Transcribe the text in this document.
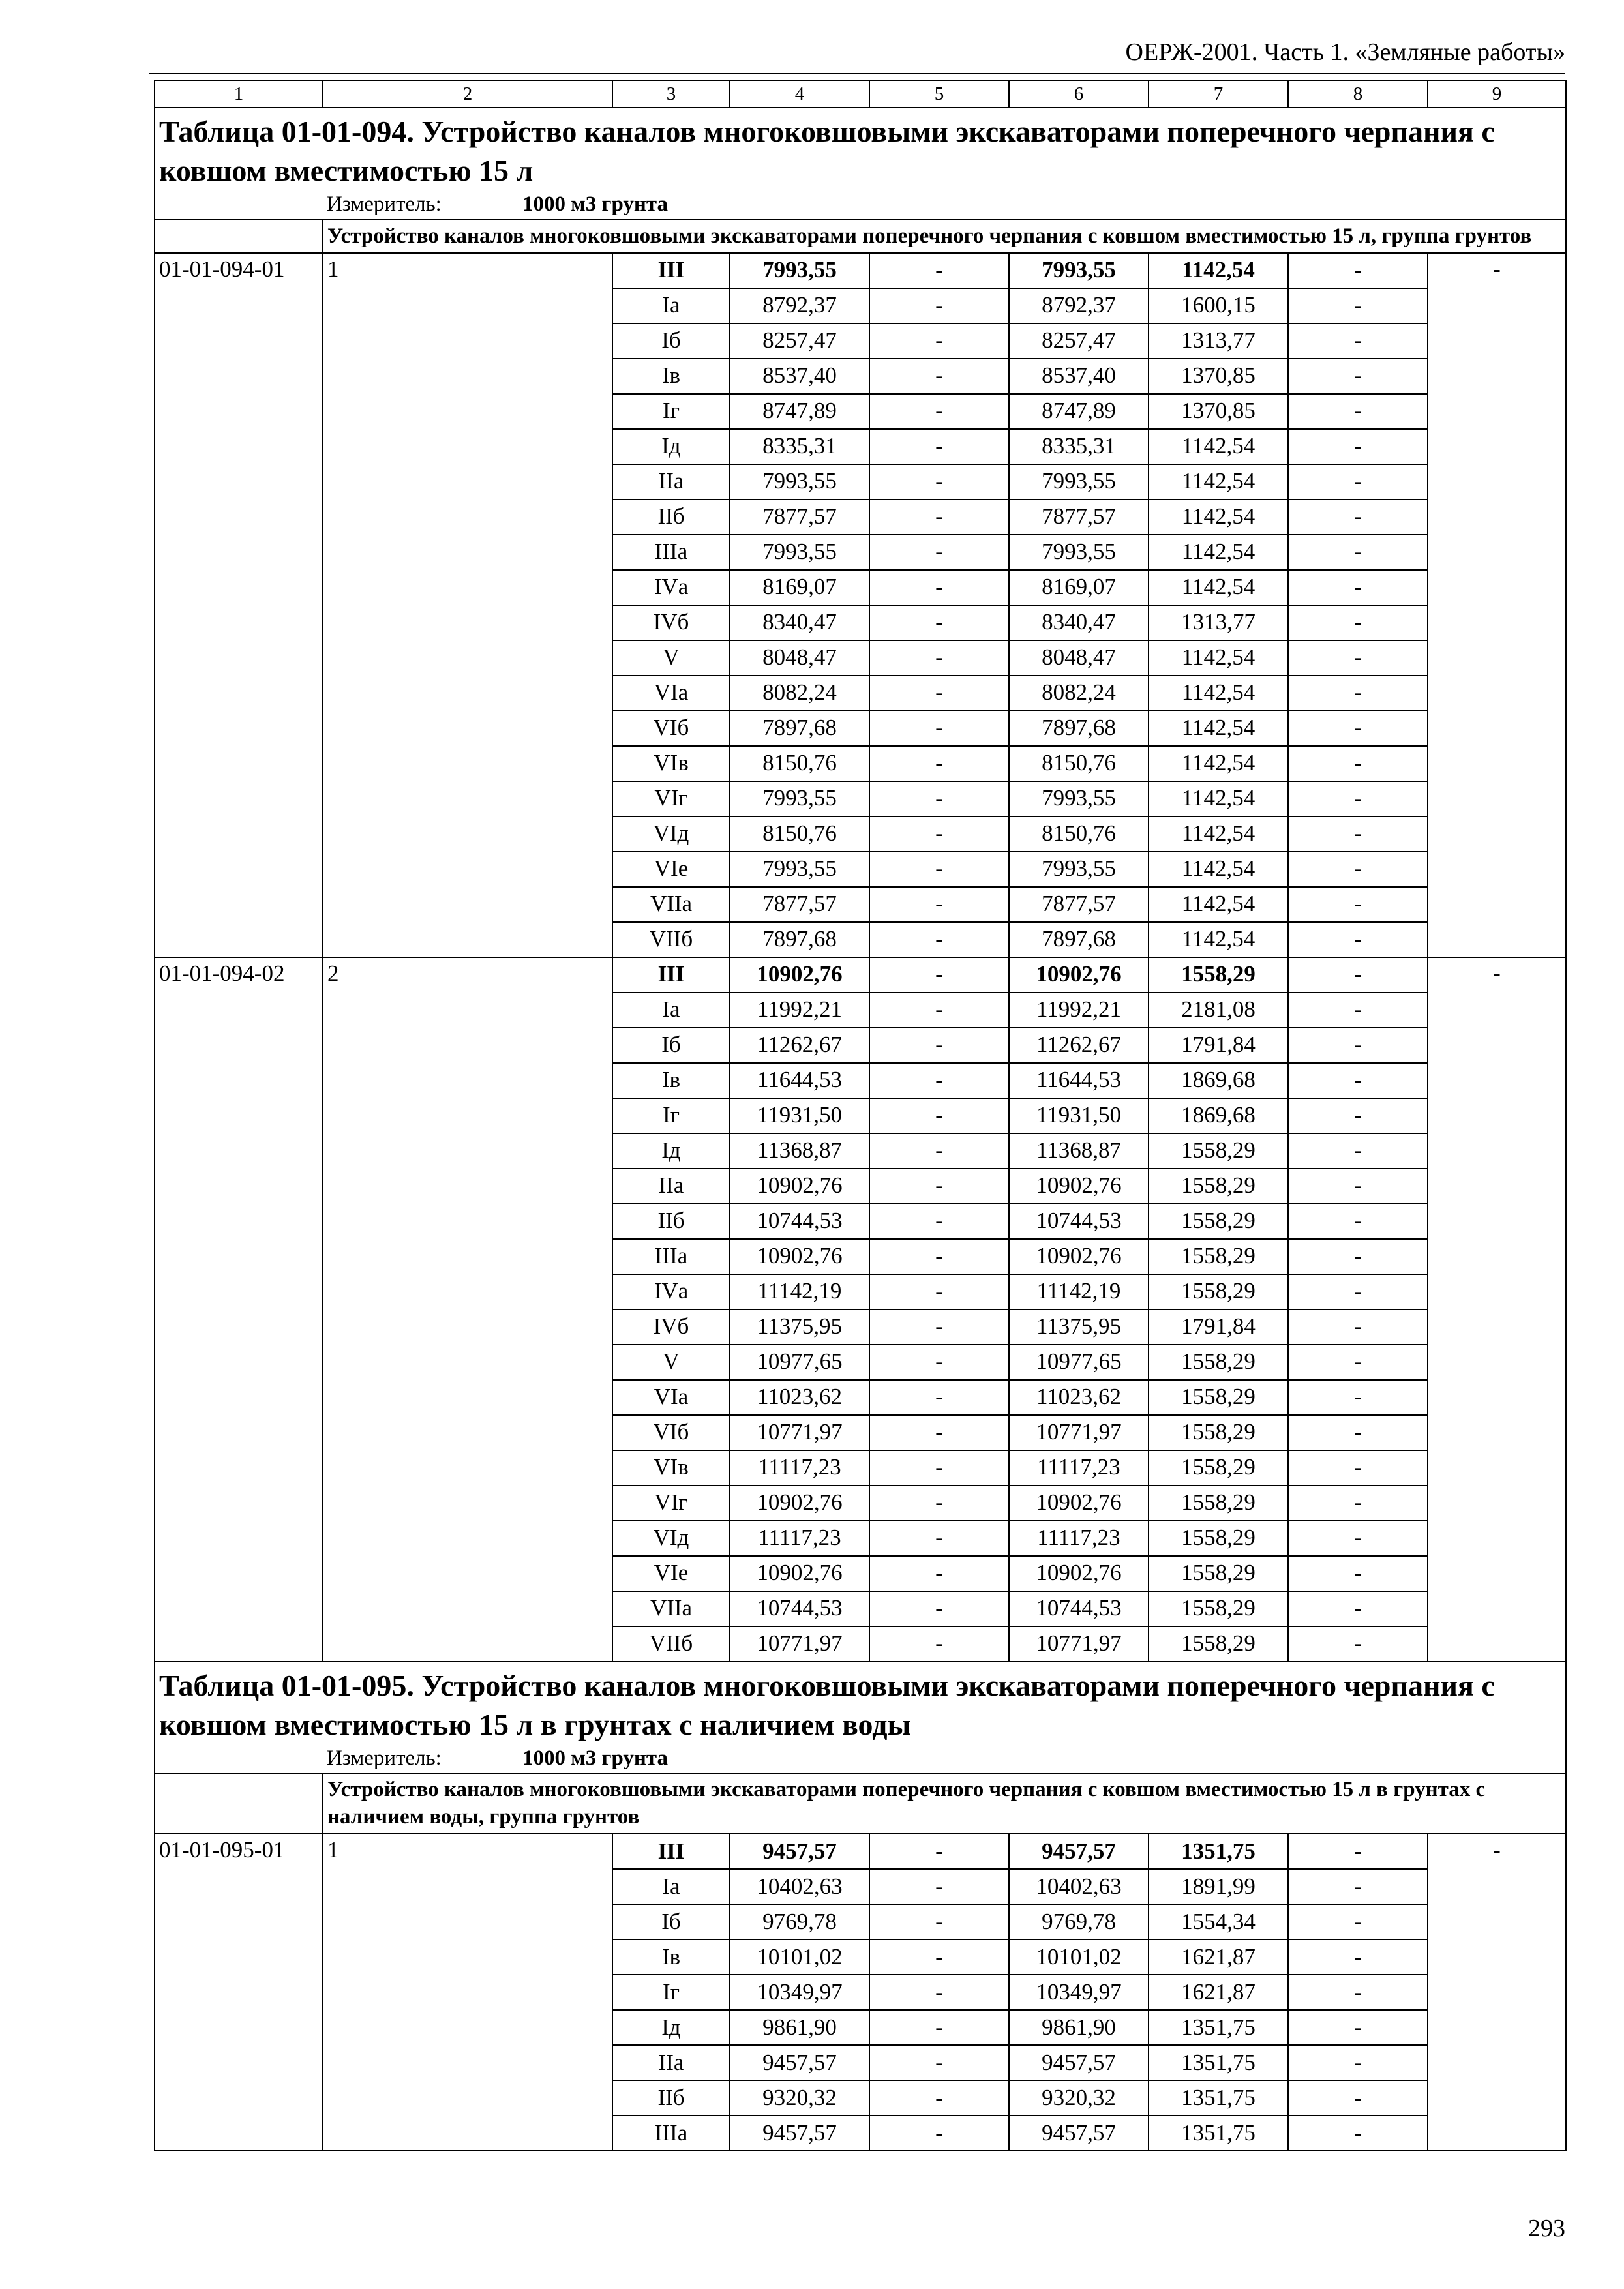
ОЕРЖ-2001. Часть 1. «Земляные работы»
1	2	3	4	5	6	7	8	9
Таблица 01-01-094. Устройство каналов многоковшовыми экскаваторами поперечного черпания с ковшом вместимостью 15 л								
	Измеритель: 1000 м3 грунта							
	Устройство каналов многоковшовыми экскаваторами поперечного черпания с ковшом вместимостью 15 л, группа грунтов							
01-01-094-01	1	III	7993,55	-	7993,55	1142,54	-	-
		Iа	8792,37	-	8792,37	1600,15	-	
		Iб	8257,47	-	8257,47	1313,77	-	
		Iв	8537,40	-	8537,40	1370,85	-	
		Iг	8747,89	-	8747,89	1370,85	-	
		Iд	8335,31	-	8335,31	1142,54	-	
		IIа	7993,55	-	7993,55	1142,54	-	
		IIб	7877,57	-	7877,57	1142,54	-	
		IIIа	7993,55	-	7993,55	1142,54	-	
		IVа	8169,07	-	8169,07	1142,54	-	
		IVб	8340,47	-	8340,47	1313,77	-	
		V	8048,47	-	8048,47	1142,54	-	
		VIа	8082,24	-	8082,24	1142,54	-	
		VIб	7897,68	-	7897,68	1142,54	-	
		VIв	8150,76	-	8150,76	1142,54	-	
		VIг	7993,55	-	7993,55	1142,54	-	
		VIд	8150,76	-	8150,76	1142,54	-	
		VIе	7993,55	-	7993,55	1142,54	-	
		VIIа	7877,57	-	7877,57	1142,54	-	
		VIIб	7897,68	-	7897,68	1142,54	-	
01-01-094-02	2	III	10902,76	-	10902,76	1558,29	-	-
		Iа	11992,21	-	11992,21	2181,08	-	
		Iб	11262,67	-	11262,67	1791,84	-	
		Iв	11644,53	-	11644,53	1869,68	-	
		Iг	11931,50	-	11931,50	1869,68	-	
		Iд	11368,87	-	11368,87	1558,29	-	
		IIа	10902,76	-	10902,76	1558,29	-	
		IIб	10744,53	-	10744,53	1558,29	-	
		IIIа	10902,76	-	10902,76	1558,29	-	
		IVа	11142,19	-	11142,19	1558,29	-	
		IVб	11375,95	-	11375,95	1791,84	-	
		V	10977,65	-	10977,65	1558,29	-	
		VIа	11023,62	-	11023,62	1558,29	-	
		VIб	10771,97	-	10771,97	1558,29	-	
		VIв	11117,23	-	11117,23	1558,29	-	
		VIг	10902,76	-	10902,76	1558,29	-	
		VIд	11117,23	-	11117,23	1558,29	-	
		VIе	10902,76	-	10902,76	1558,29	-	
		VIIа	10744,53	-	10744,53	1558,29	-	
		VIIб	10771,97	-	10771,97	1558,29	-	
Таблица 01-01-095. Устройство каналов многоковшовыми экскаваторами поперечного черпания с ковшом вместимостью 15 л в грунтах с наличием воды								
	Измеритель: 1000 м3 грунта							
	Устройство каналов многоковшовыми экскаваторами поперечного черпания с ковшом вместимостью 15 л в грунтах с наличием воды, группа грунтов							
01-01-095-01	1	III	9457,57	-	9457,57	1351,75	-	-
		Iа	10402,63	-	10402,63	1891,99	-	
		Iб	9769,78	-	9769,78	1554,34	-	
		Iв	10101,02	-	10101,02	1621,87	-	
		Iг	10349,97	-	10349,97	1621,87	-	
		Iд	9861,90	-	9861,90	1351,75	-	
		IIа	9457,57	-	9457,57	1351,75	-	
		IIб	9320,32	-	9320,32	1351,75	-	
		IIIа	9457,57	-	9457,57	1351,75	-	
293
